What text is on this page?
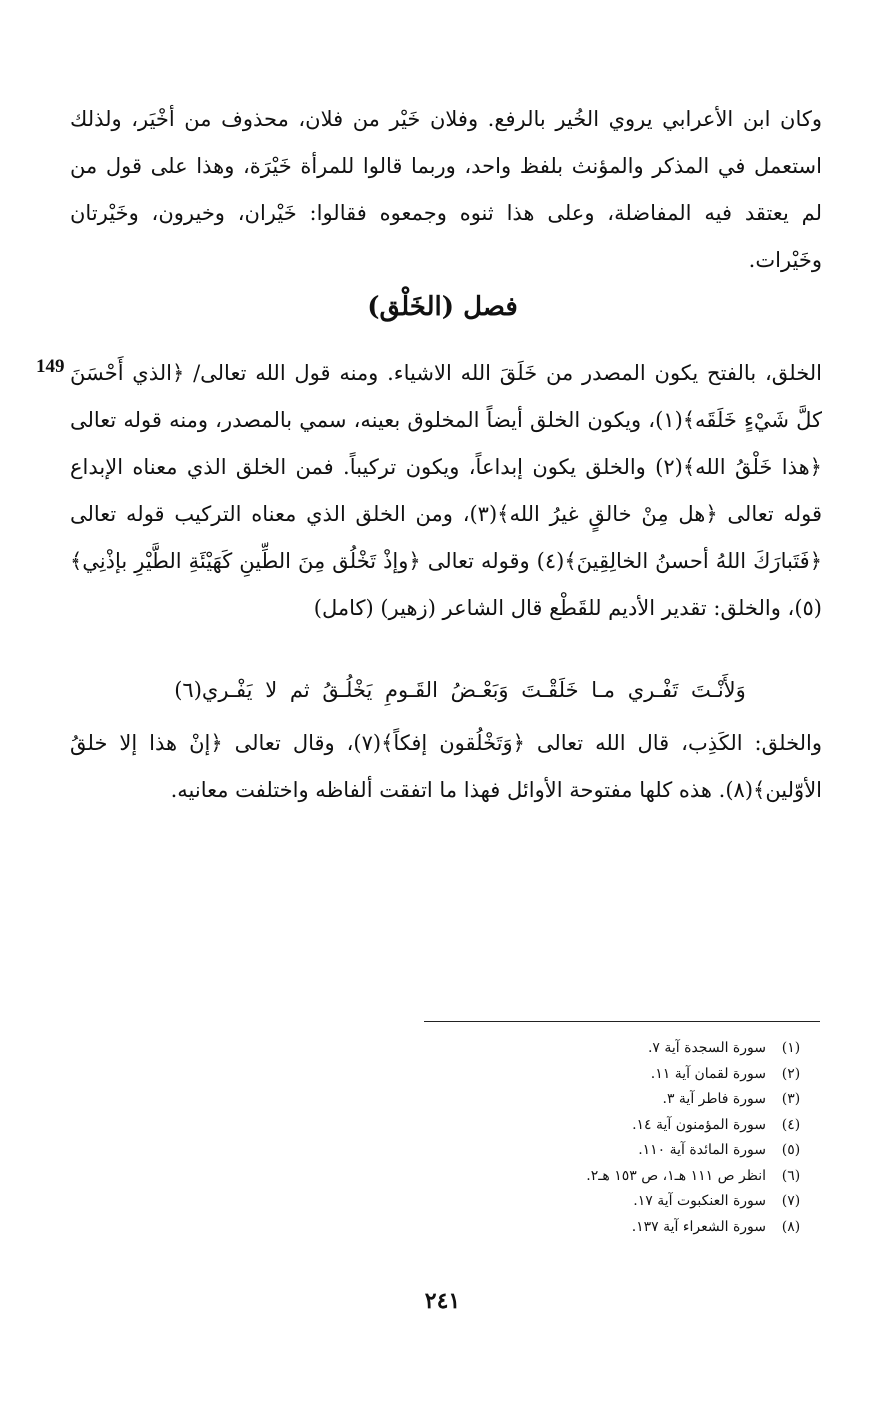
وكان ابن الأعرابي يروي الخُير بالرفع. وفلان خَيْر من فلان، محذوف من أخْيَر، ولذلك استعمل في المذكر والمؤنث بلفظ واحد، وربما قالوا للمرأة خَيْرَة، وهذا على قول من لم يعتقد فيه المفاضلة، وعلى هذا ثنوه وجمعوه فقالوا: خَيْران، وخيرون، وخَيْرتان وخَيْرات.

فصل (الخَلْق)
149 الخلق، بالفتح يكون المصدر من خَلَقَ الله الاشياء. ومنه قول الله تعالى/ ﴿الذي أَحْسَنَ كلَّ شَيْءٍ خَلَقَه﴾(١)، ويكون الخلق أيضاً المخلوق بعينه، سمي بالمصدر، ومنه قوله تعالى ﴿هذا خَلْقُ الله﴾(٢) والخلق يكون إبداعاً، ويكون تركيباً. فمن الخلق الذي معناه الإبداع قوله تعالى ﴿هل مِنْ خالقٍ غيرُ الله﴾(٣)، ومن الخلق الذي معناه التركيب قوله تعالى ﴿فَتَبارَكَ اللهُ أحسنُ الخالِقِينَ﴾(٤) وقوله تعالى ﴿وإذْ تَخْلُق مِنَ الطِّينِ كَهَيْئَةِ الطَّيْرِ بإذْنِي﴾(٥)، والخلق: تقدير الأديم للقَطْع قال الشاعر (زهير) (كامل)

وَلأَنْـتَ تَفْـري مـا خَلَقْـتَ وَبَعْـضُ القَـومِ يَخْلُـقُ ثم لا يَفْـري(٦)

والخلق: الكَذِب، قال الله تعالى ﴿وَتَخْلُقون إفكاً﴾(٧)، وقال تعالى ﴿إنْ هذا إلا خلقُ الأوّلين﴾(٨). هذه كلها مفتوحة الأوائل فهذا ما اتفقت ألفاظه واختلفت معانيه.

(١)
سورة السجدة آية ٧.
(٢)
سورة لقمان آية ١١.
(٣)
سورة فاطر آية ٣.
(٤)
سورة المؤمنون آية ١٤.
(٥)
سورة المائدة آية ١١٠.
(٦)
انظر ص ١١١ هـ١، ص ١٥٣ هـ٢.
(٧)
سورة العنكبوت آية ١٧.
(٨)
سورة الشعراء آية ١٣٧.
٢٤١
